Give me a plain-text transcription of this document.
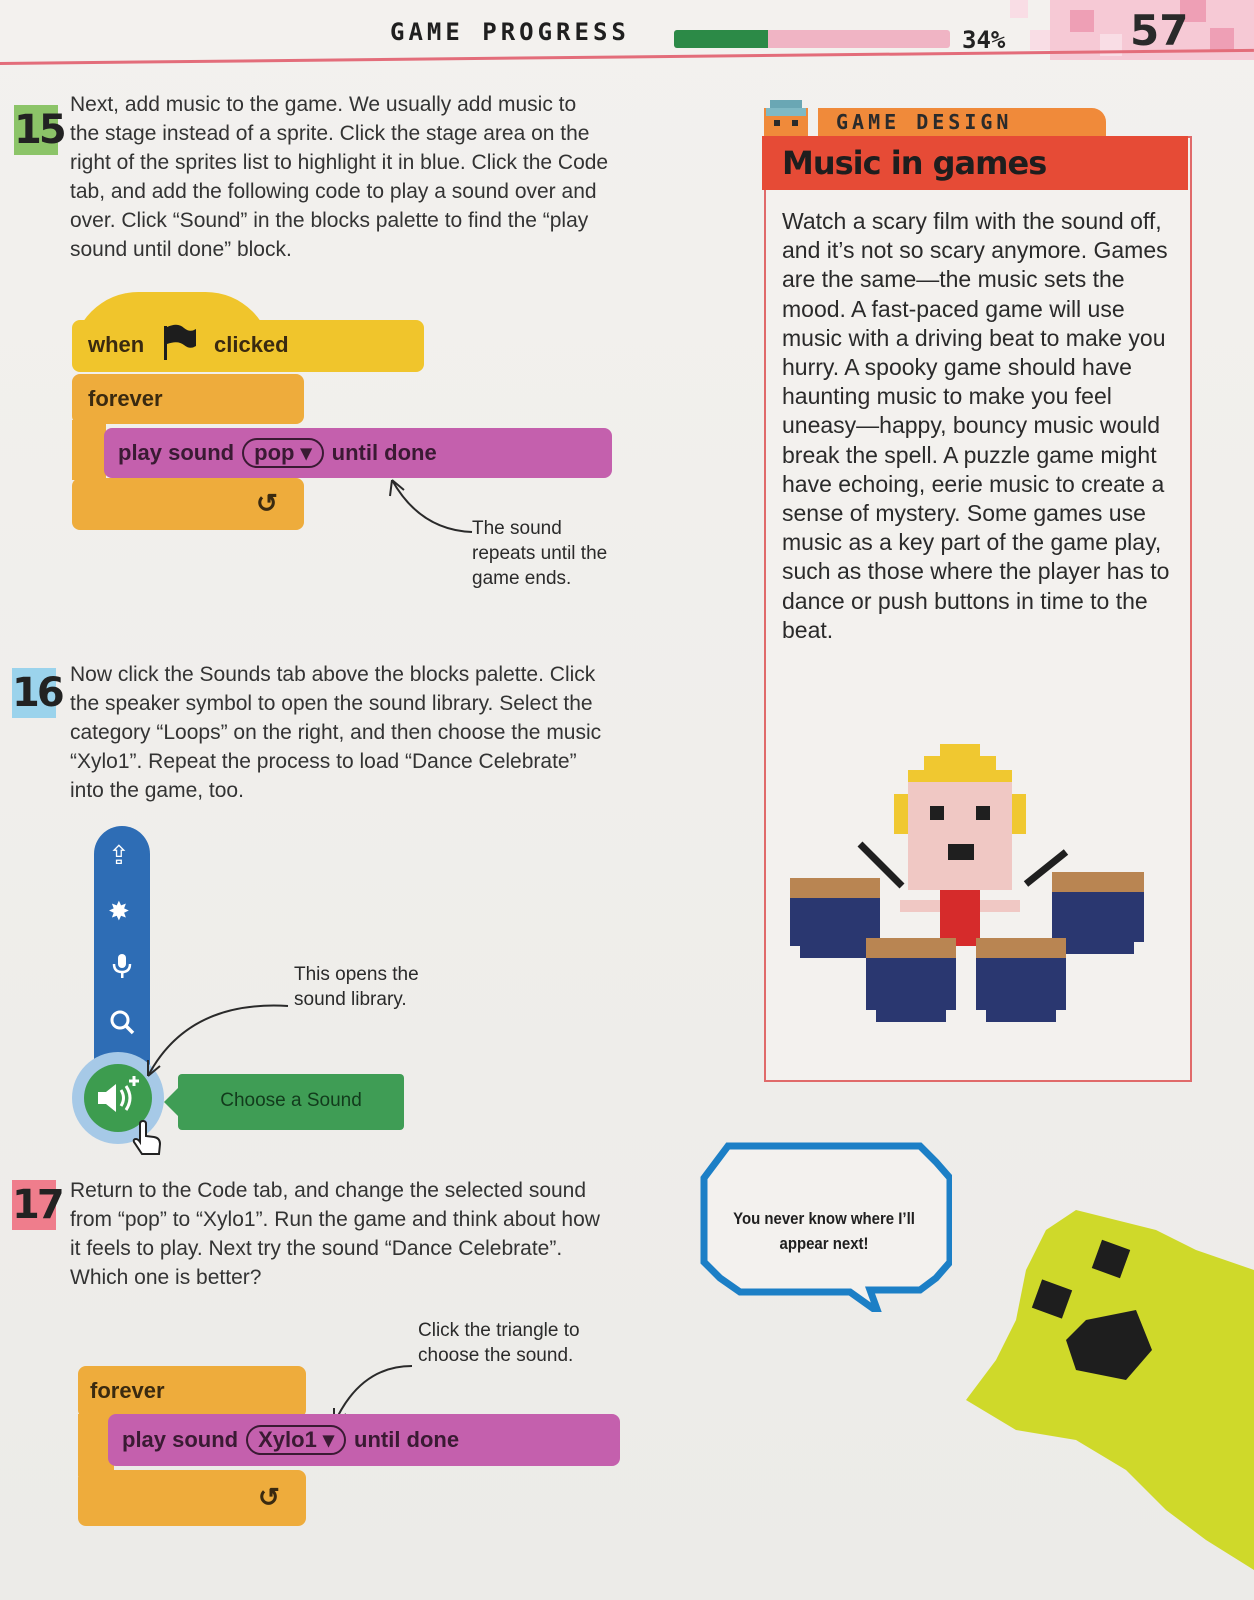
GAME PROGRESS	34%	57
15
Next, add music to the game. We usually add music to the stage instead of a sprite. Click the stage area on the right of the sprites list to highlight it in blue. Click the Code tab, and add the following code to play a sound over and over. Click “Sound” in the blocks palette to find the “play sound until done” block.
when	clicked
forever
play sound pop ▾ until done
↺
The sound repeats until the game ends.
16 Now click the Sounds tab above the blocks palette. Click the speaker symbol to open the sound library. Select the category “Loops” on the right, and then choose the music “Xylo1”. Repeat the process to load “Dance Celebrate” into the game, too.
⇪
✸
Choose a Sound
This opens the sound library.
17 Return to the Code tab, and change the selected sound from “pop” to “Xylo1”. Run the game and think about how it feels to play. Next try the sound “Dance Celebrate”. Which one is better?
Click the triangle to choose the sound.
forever
play sound Xylo1 ▾ until done
↺
GAME DESIGN
Music in games
Watch a scary film with the sound off, and it’s not so scary anymore. Games are the same—the music sets the mood. A fast-paced game will use music with a driving beat to make you hurry. A spooky game should have haunting music to make you feel uneasy—happy, bouncy music would break the spell. A puzzle game might have echoing, eerie music to create a sense of mystery. Some games use music as a key part of the game play, such as those where the player has to dance or push buttons in time to the beat.
You never know where I’ll appear next!
